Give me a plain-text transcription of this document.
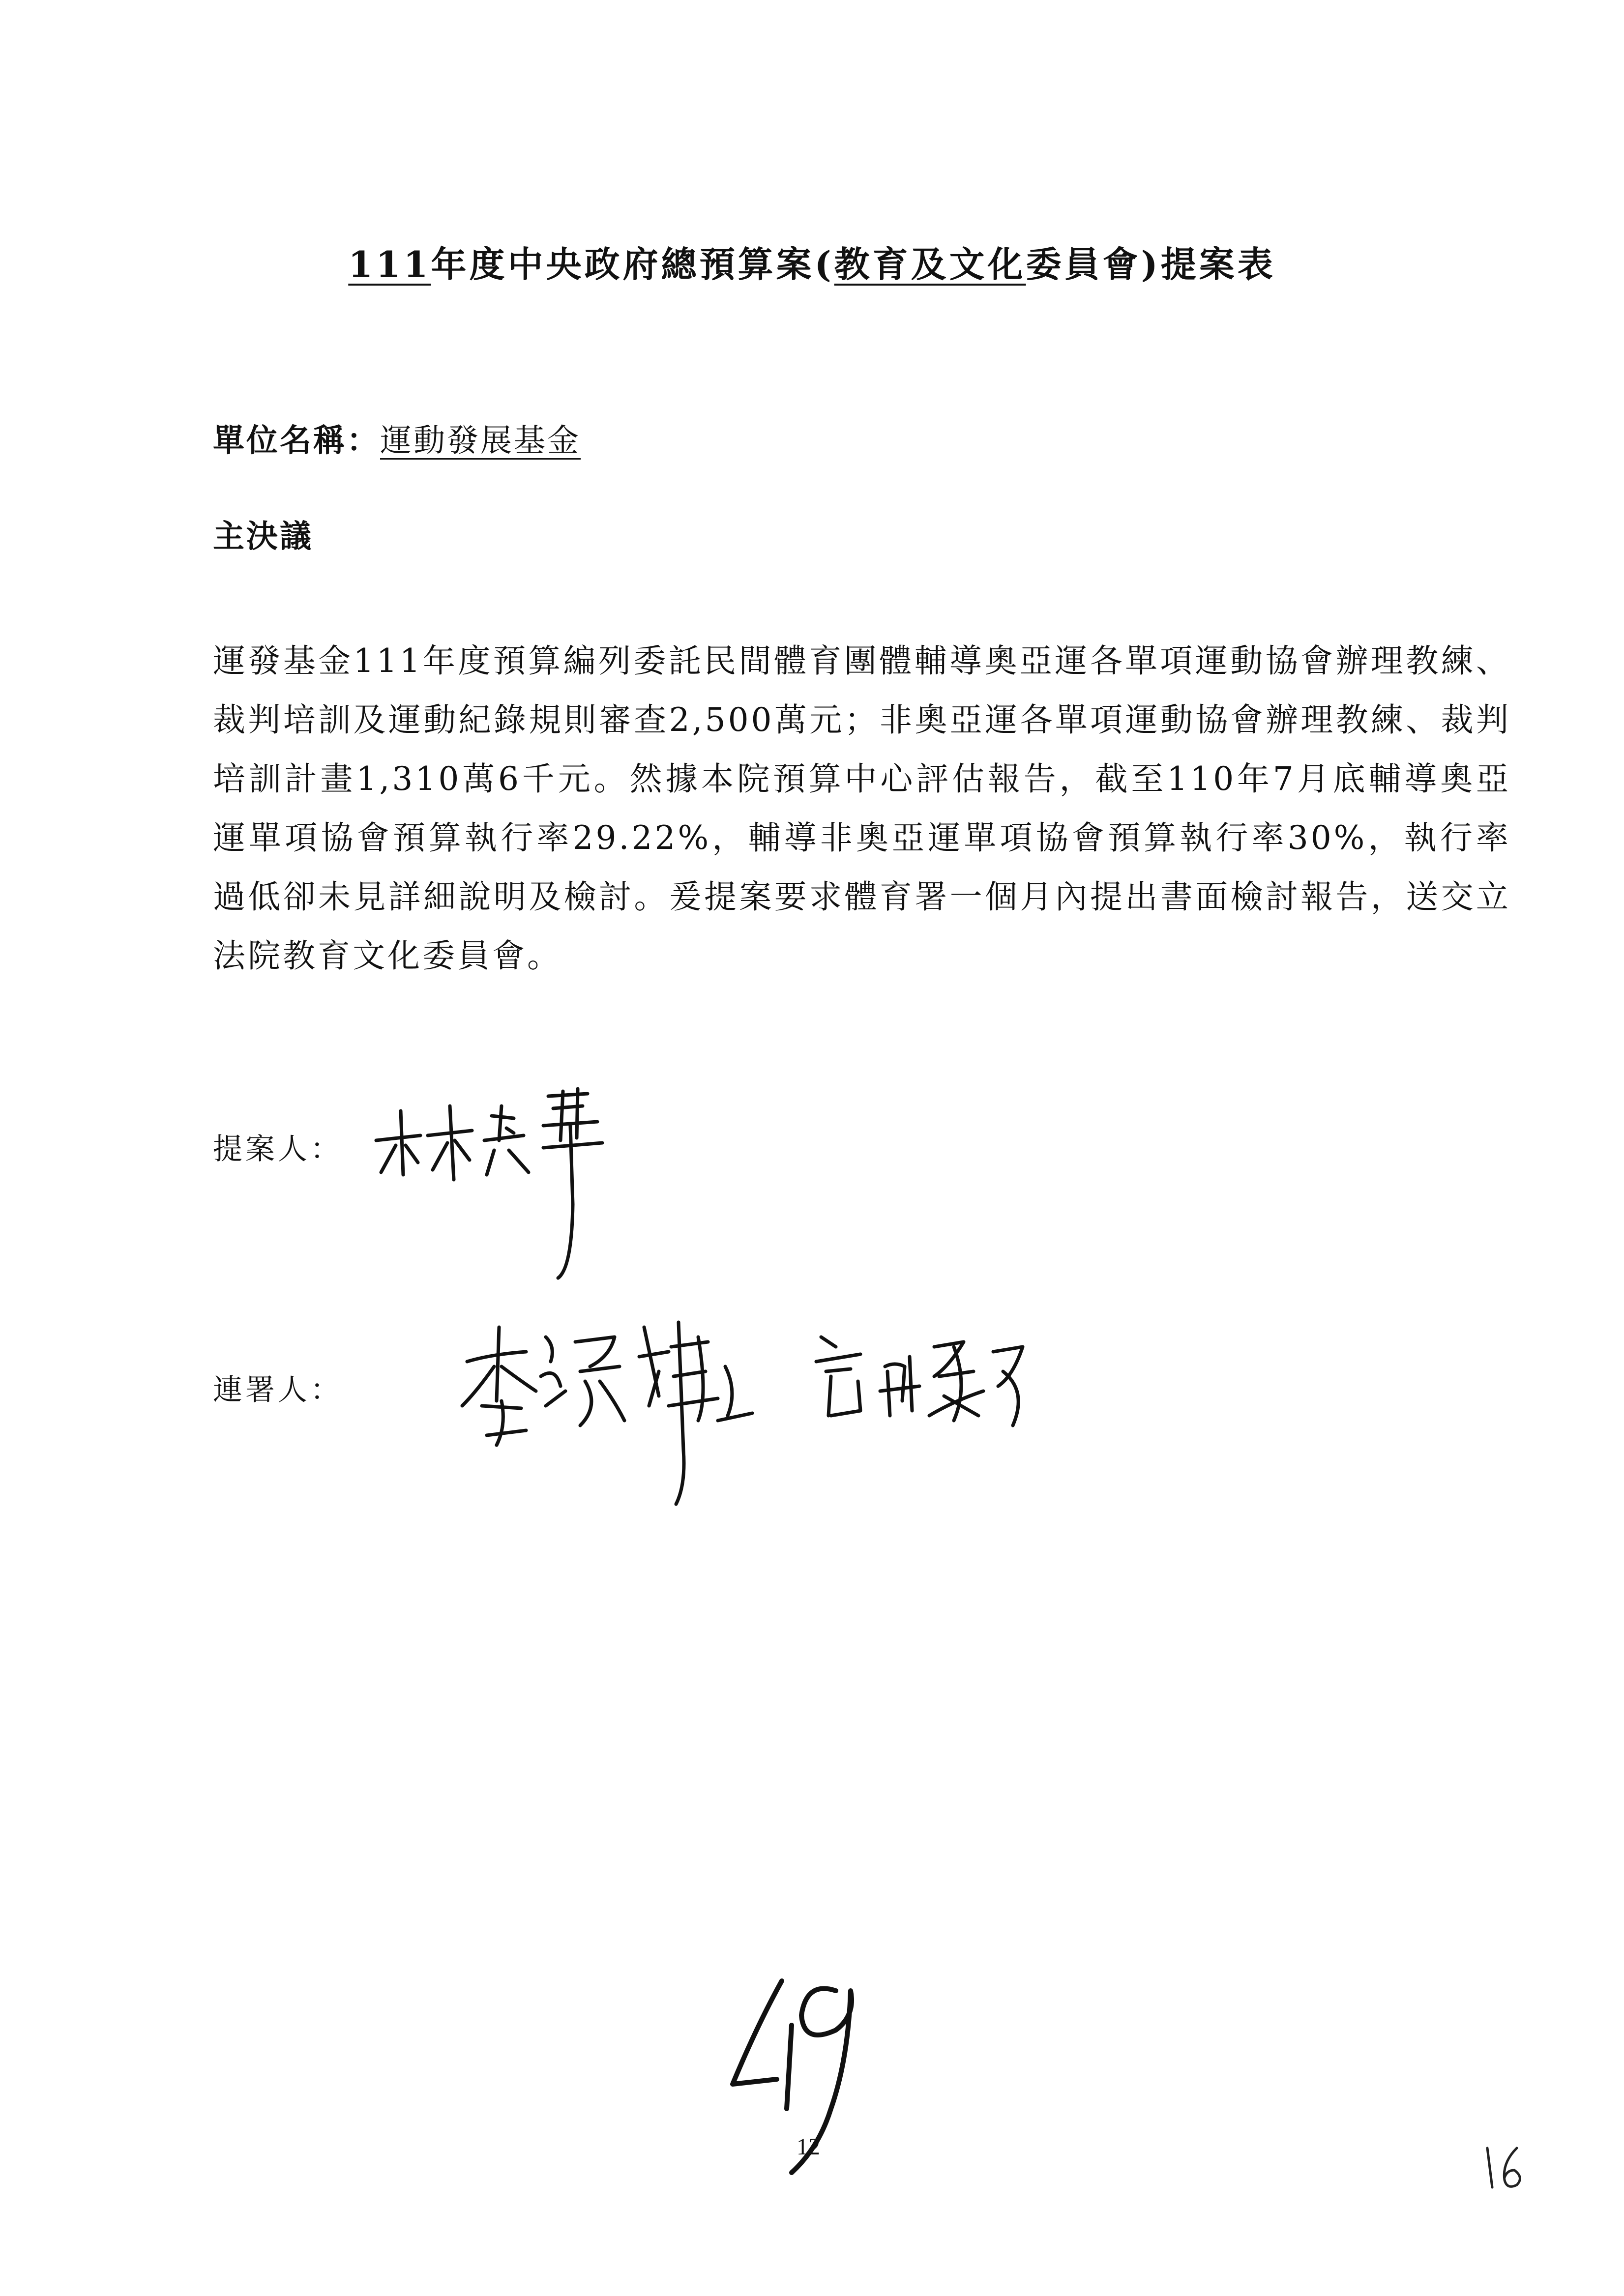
111年度中央政府總預算案(教育及文化委員會)提案表
單位名稱：運動發展基金
主決議
運發基金111年度預算編列委託民間體育團體輔導奧亞運各單項運動協會辦理教練、裁判培訓及運動紀錄規則審查2,500萬元；非奧亞運各單項運動協會辦理教練、裁判培訓計畫1,310萬6千元。然據本院預算中心評估報告，截至110年7月底輔導奧亞運單項協會預算執行率29.22%，輔導非奧亞運單項協會預算執行率30%，執行率過低卻未見詳細說明及檢討。爰提案要求體育署一個月內提出書面檢討報告，送交立法院教育文化委員會。
提案人：
連署人：
12
